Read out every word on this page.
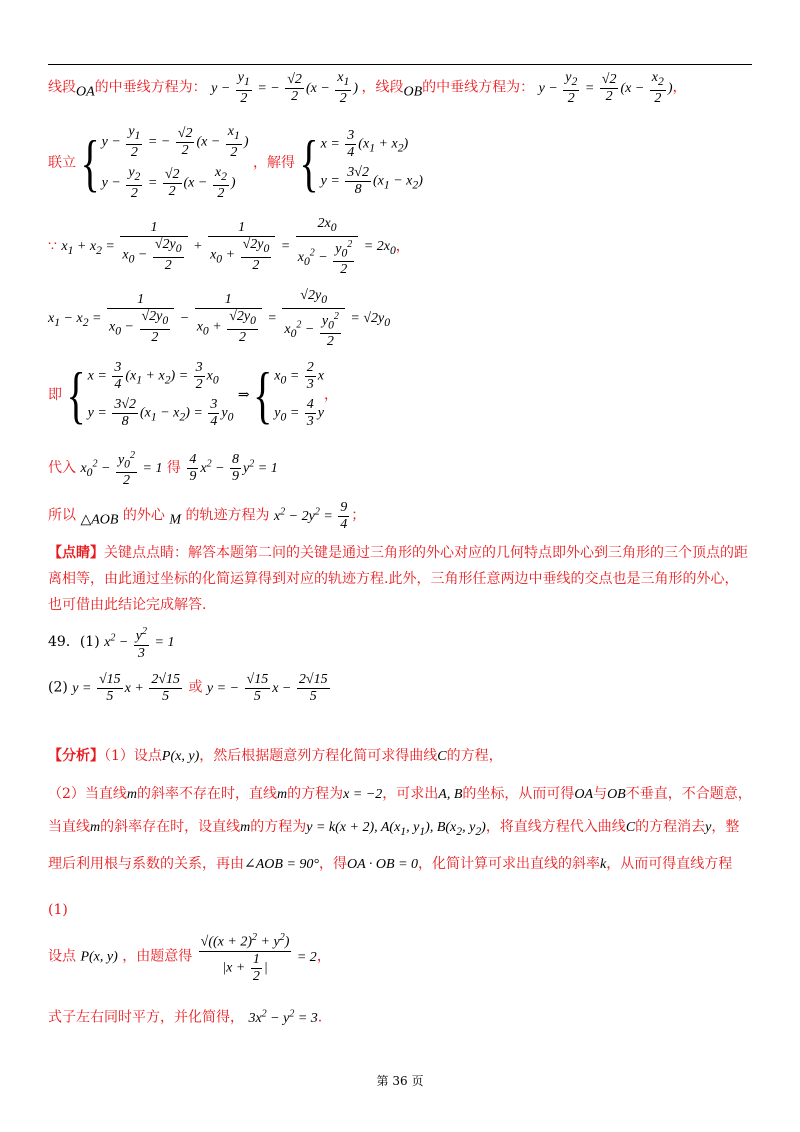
线段$_{OA}$的中垂线方程为： $y - \frac{y_1}{2}$ = − $\frac{√2}{2} (x - \frac{x_1}{2}$ ) ，线段$_{OB}$的中垂线方程为： $y - \frac{y_2}{2} = \frac{√2}{2} (x - \frac{x_2}{2}$ )，
联立 { $y - \frac{y_1}{2}$ = − $\frac{√2}{2} (x - \frac{x_1}{2}$ )
$y - \frac{y_2}{2} = \frac{√2}{2} (x - \frac{x_2}{2}$ )
，解得 { $x = \frac{3}{4} (x_1 + x_2)$
$y = \frac{3√2}{8} (x_1 - x_2)$
∵ $x_1 + x_2 = \frac{1}{x_0 - \frac{√2y_0}{2}} + \frac{1}{x_0 + \frac{√2y_0}{2}} = \frac{2x_0}{x_0^2 - \frac{y_0^2}{2}} = 2x_0$，
$x_1 - x_2 = \frac{1}{x_0 - \frac{√2y_0}{2}} - \frac{1}{x_0 + \frac{√2y_0}{2}} = \frac{√2y_0}{x_0^2 - \frac{y_0^2}{2}} = √2y_0$
即 { $x = \frac{3}{4} (x_1 + x_2) = \frac{3}{2} x_0$
$y = \frac{3√2}{8} (x_1 - x_2) = \frac{3}{4} y_0$
⇒ { $x_0 = \frac{2}{3}$ x
$y_0 = \frac{4}{3}$ y
，
代入 $x_0^2 - \frac{y_0^2}{2} = 1$ 得 $\frac{4}{9} x^2 - \frac{8}{9} y^2 = 1$
所以 $_{\triangle AOB}$ 的外心 $_M$ 的轨迹方程为 $x^2 - 2y^2 = \frac{9}{4}$ ；
【点睛】关键点点睛：解答本题第二问的关键是通过三角形的外心对应的几何特点即外心到三角形的三个顶点的距离相等，由此通过坐标的化简运算得到对应的轨迹方程.此外，三角形任意两边中垂线的交点也是三角形的外心，也可借由此结论完成解答.
49．(1) $x^2 - \frac{y^2}{3} = 1$
(2) $y = \frac{√15}{5}$ $x + \frac{2√15}{5}$ 或 y = − $\frac{√15}{5}$ $x - \frac{2√15}{5}$
【分析】（1）设点P(x, y)，然后根据题意列方程化简可求得曲线C的方程，
（2）当直线m的斜率不存在时，直线m的方程为x = −2，可求出A, B的坐标，从而可得OA与OB不垂直，不合题意，当直线m的斜率存在时，设直线m的方程为y = k(x + 2), $A(x_1$, $y_1$), $B(x_2$, $y_2$)，将直线方程代入曲线C的方程消去y，整理后利用根与系数的关系，再由∠AOB = 90°，得OA · OB = 0，化简计算可求出直线的斜率k，从而可得直线方程
(1)
设点 P(x, y) ，由题意得 $\frac{√((x + 2)^2 + y^2)}{|x + \frac{1}{2} |} = 2$，
式子左右同时平方，并化简得， $3x^2 - y^2 = 3$.
第 36 页
